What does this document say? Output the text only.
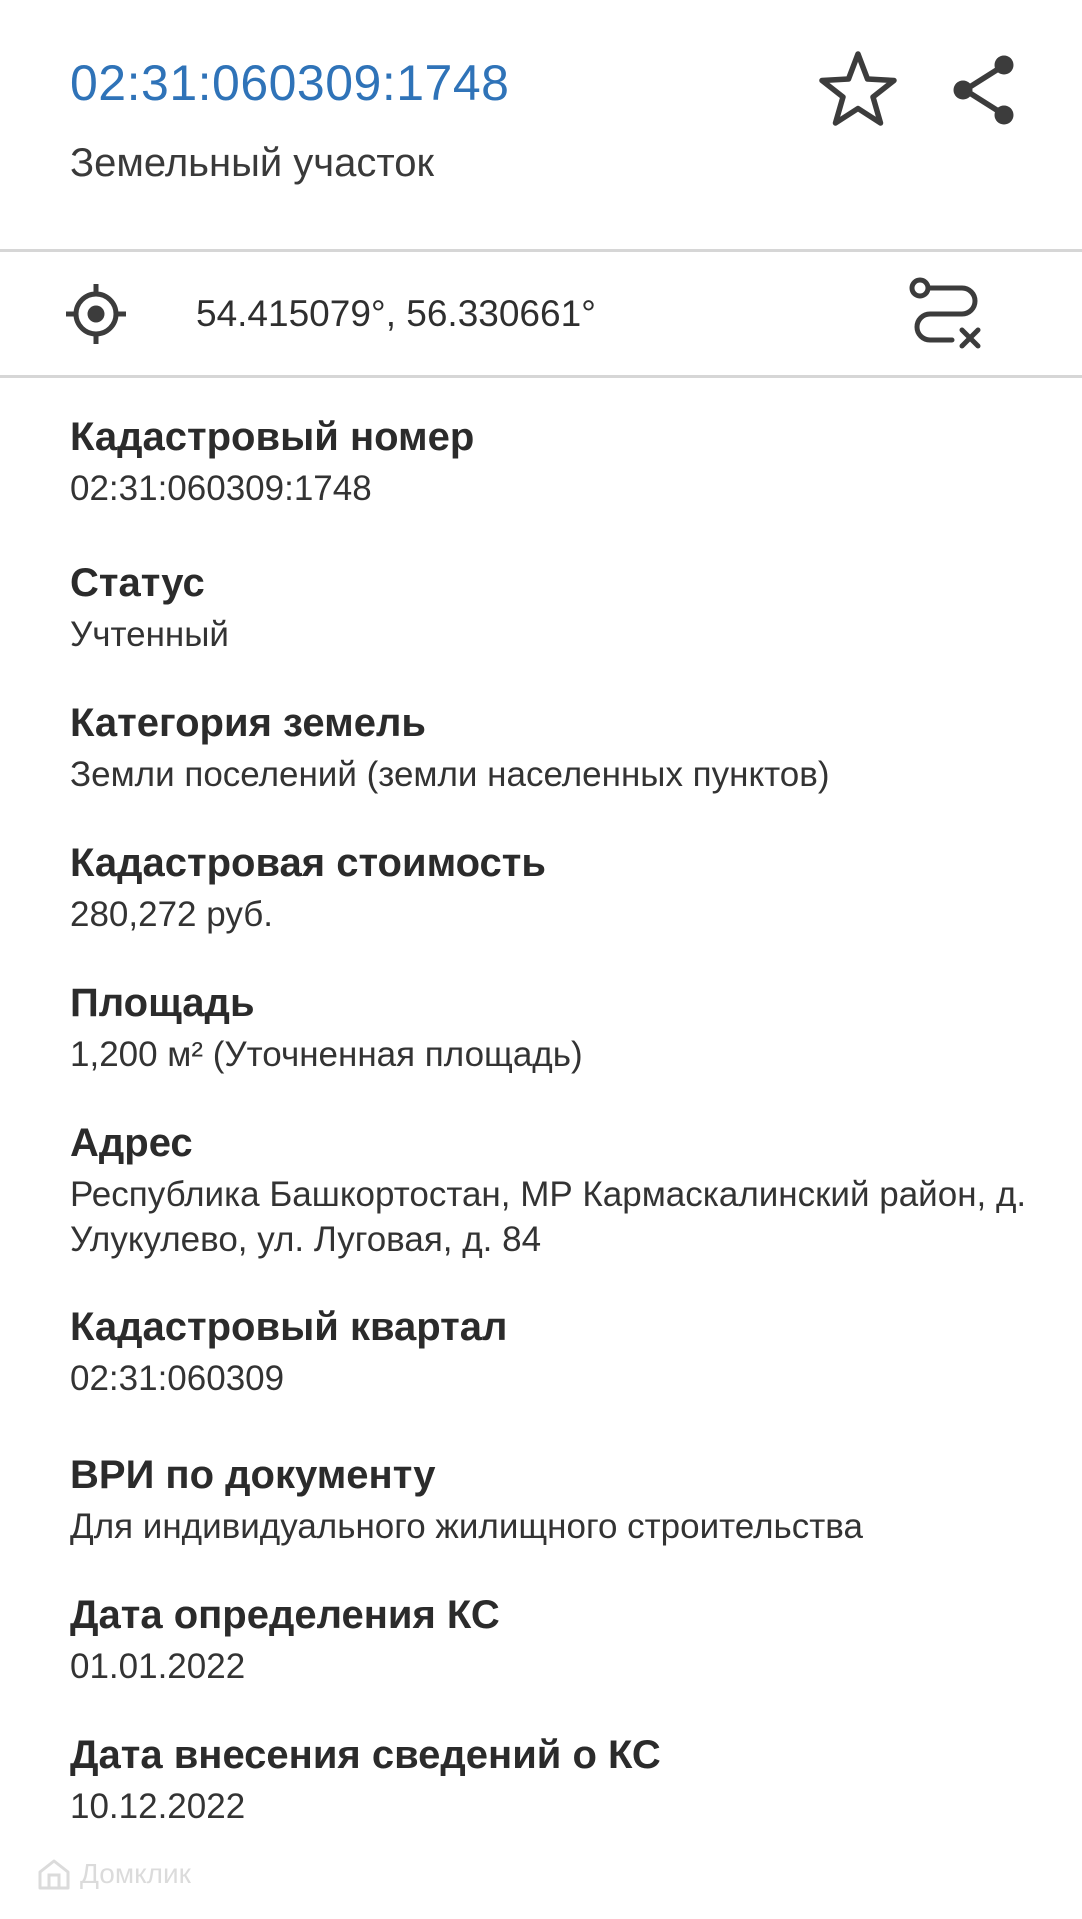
02:31:060309:1748
Земельный участок
54.415079°, 56.330661°
Кадастровый номер
02:31:060309:1748
Статус
Учтенный
Категория земель
Земли поселений (земли населенных пунктов)
Кадастровая стоимость
280,272 руб.
Площадь
1,200 м² (Уточненная площадь)
Адрес
Республика Башкортостан, МР Кармаскалинский район, д. Улукулево, ул. Луговая, д. 84
Кадастровый квартал
02:31:060309
ВРИ по документу
Для индивидуального жилищного строительства
Дата определения КС
01.01.2022
Дата внесения сведений о КС
10.12.2022
Домклик
